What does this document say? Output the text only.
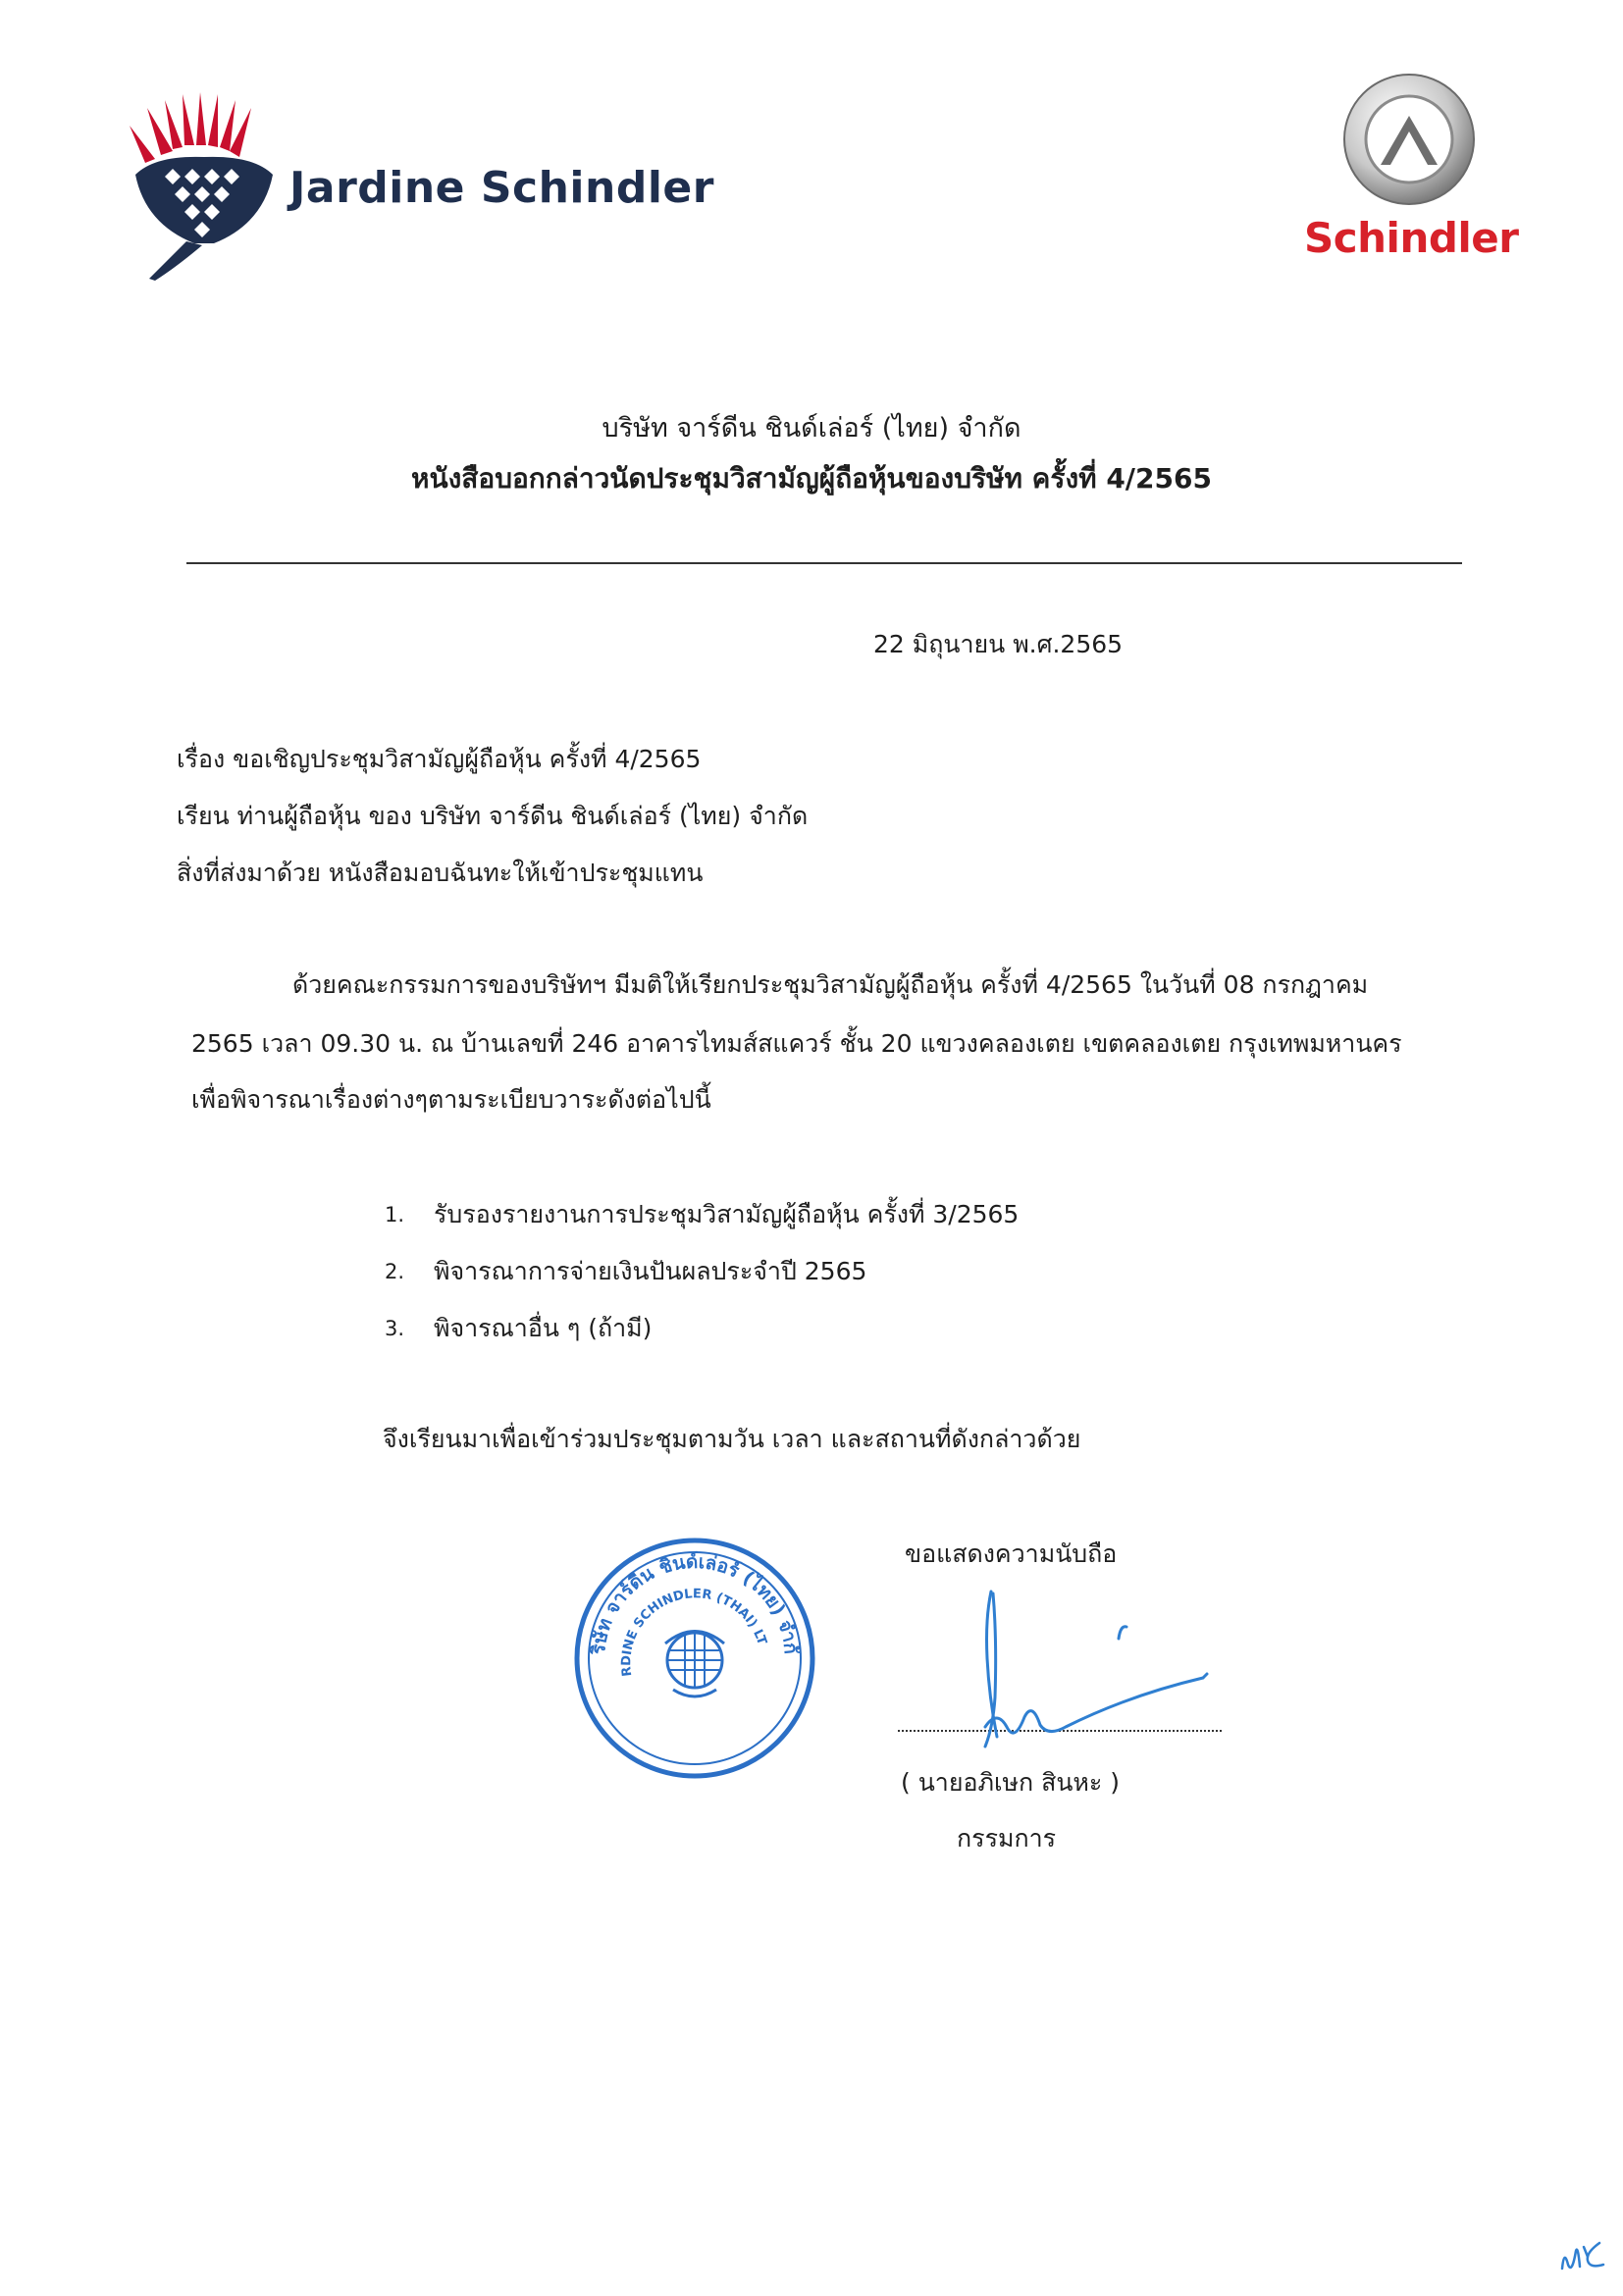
Jardine Schindler
Schindler
บริษัท จาร์ดีน ชินด์เล่อร์ (ไทย) จำกัด
หนังสือบอกกล่าวนัดประชุมวิสามัญผู้ถือหุ้นของบริษัท ครั้งที่ 4/2565
22 มิถุนายน พ.ศ.2565
เรื่อง ขอเชิญประชุมวิสามัญผู้ถือหุ้น ครั้งที่ 4/2565
เรียน ท่านผู้ถือหุ้น ของ บริษัท จาร์ดีน ชินด์เล่อร์ (ไทย) จำกัด
สิ่งที่ส่งมาด้วย หนังสือมอบฉันทะให้เข้าประชุมแทน
ด้วยคณะกรรมการของบริษัทฯ มีมติให้เรียกประชุมวิสามัญผู้ถือหุ้น ครั้งที่ 4/2565 ในวันที่ 08 กรกฎาคม
2565 เวลา 09.30 น. ณ บ้านเลขที่ 246 อาคารไทมส์สแควร์ ชั้น 20 แขวงคลองเตย เขตคลองเตย กรุงเทพมหานคร
เพื่อพิจารณาเรื่องต่างๆตามระเบียบวาระดังต่อไปนี้
1. รับรองรายงานการประชุมวิสามัญผู้ถือหุ้น ครั้งที่ 3/2565
2. พิจารณาการจ่ายเงินปันผลประจำปี 2565
3. พิจารณาอื่น ๆ (ถ้ามี)
จึงเรียนมาเพื่อเข้าร่วมประชุมตามวัน เวลา และสถานที่ดังกล่าวด้วย
ริษัท จาร์ดีน ชินด์เล่อร์ (ไทย) จำกั
RDINE SCHINDLER (THAI) LT
ขอแสดงความนับถือ
( นายอภิเษก สินหะ )
กรรมการ
